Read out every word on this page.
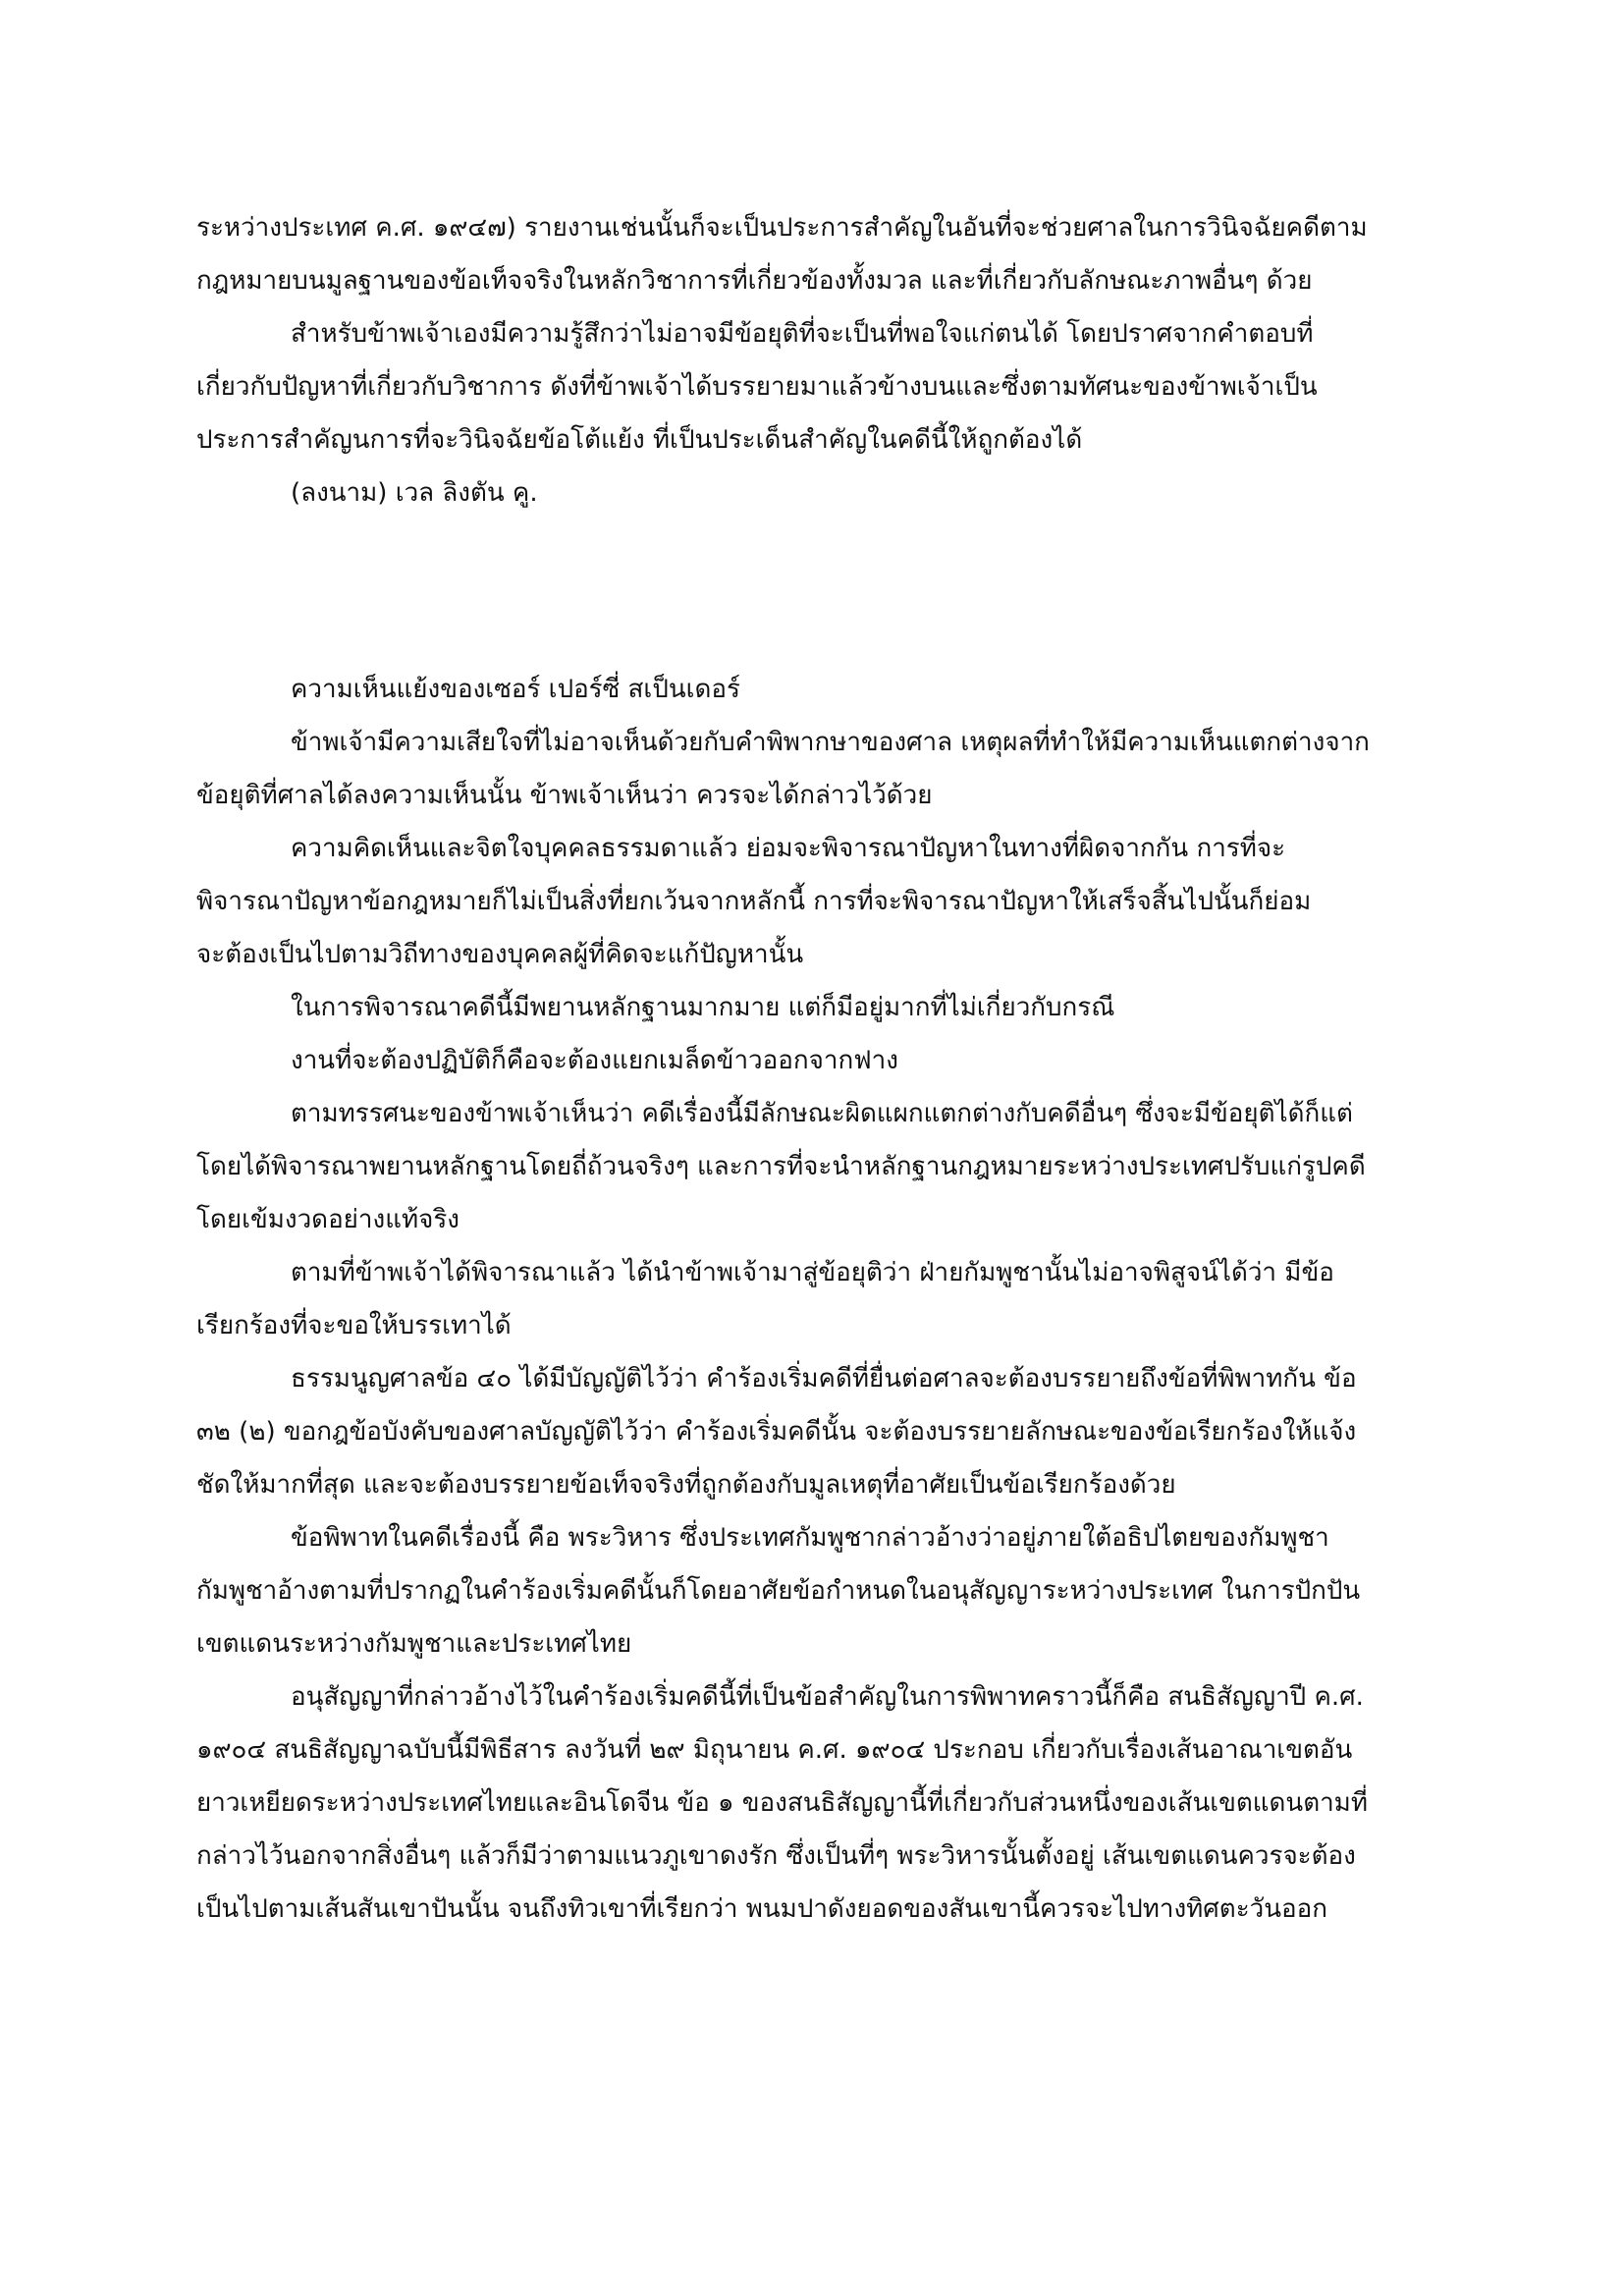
ระหว่างประเทศ ค.ศ. ๑๙๔๗) รายงานเช่นนั้นก็จะเป็นประการสำคัญในอันที่จะช่วยศาลในการวินิจฉัยคดีตาม
กฎหมายบนมูลฐานของข้อเท็จจริงในหลักวิชาการที่เกี่ยวข้องทั้งมวล และที่เกี่ยวกับลักษณะภาพอื่นๆ ด้วย
สำหรับข้าพเจ้าเองมีความรู้สึกว่าไม่อาจมีข้อยุติที่จะเป็นที่พอใจแก่ตนได้ โดยปราศจากคำตอบที่
เกี่ยวกับปัญหาที่เกี่ยวกับวิชาการ ดังที่ข้าพเจ้าได้บรรยายมาแล้วข้างบนและซึ่งตามทัศนะของข้าพเจ้าเป็น
ประการสำคัญนการที่จะวินิจฉัยข้อโต้แย้ง ที่เป็นประเด็นสำคัญในคดีนี้ให้ถูกต้องได้
(ลงนาม) เวล ลิงตัน คู.
ความเห็นแย้งของเซอร์ เปอร์ซี่ สเป็นเดอร์
ข้าพเจ้ามีความเสียใจที่ไม่อาจเห็นด้วยกับคำพิพากษาของศาล เหตุผลที่ทำให้มีความเห็นแตกต่างจาก
ข้อยุติที่ศาลได้ลงความเห็นนั้น ข้าพเจ้าเห็นว่า ควรจะได้กล่าวไว้ด้วย
ความคิดเห็นและจิตใจบุคคลธรรมดาแล้ว ย่อมจะพิจารณาปัญหาในทางที่ผิดจากกัน การที่จะ
พิจารณาปัญหาข้อกฎหมายก็ไม่เป็นสิ่งที่ยกเว้นจากหลักนี้ การที่จะพิจารณาปัญหาให้เสร็จสิ้นไปนั้นก็ย่อม
จะต้องเป็นไปตามวิถีทางของบุคคลผู้ที่คิดจะแก้ปัญหานั้น
ในการพิจารณาคดีนี้มีพยานหลักฐานมากมาย แต่ก็มีอยู่มากที่ไม่เกี่ยวกับกรณี
งานที่จะต้องปฏิบัติก็คือจะต้องแยกเมล็ดข้าวออกจากฟาง
ตามทรรศนะของข้าพเจ้าเห็นว่า คดีเรื่องนี้มีลักษณะผิดแผกแตกต่างกับคดีอื่นๆ ซึ่งจะมีข้อยุติได้ก็แต่
โดยได้พิจารณาพยานหลักฐานโดยถี่ถ้วนจริงๆ และการที่จะนำหลักฐานกฎหมายระหว่างประเทศปรับแก่รูปคดี
โดยเข้มงวดอย่างแท้จริง
ตามที่ข้าพเจ้าได้พิจารณาแล้ว ได้นำข้าพเจ้ามาสู่ข้อยุติว่า ฝ่ายกัมพูชานั้นไม่อาจพิสูจน์ได้ว่า มีข้อ
เรียกร้องที่จะขอให้บรรเทาได้
ธรรมนูญศาลข้อ ๔๐ ได้มีบัญญัติไว้ว่า คำร้องเริ่มคดีที่ยื่นต่อศาลจะต้องบรรยายถึงข้อที่พิพาทกัน ข้อ
๓๒ (๒) ขอกฎข้อบังคับของศาลบัญญัติไว้ว่า คำร้องเริ่มคดีนั้น จะต้องบรรยายลักษณะของข้อเรียกร้องให้แจ้ง
ชัดให้มากที่สุด และจะต้องบรรยายข้อเท็จจริงที่ถูกต้องกับมูลเหตุที่อาศัยเป็นข้อเรียกร้องด้วย
ข้อพิพาทในคดีเรื่องนี้ คือ พระวิหาร ซึ่งประเทศกัมพูชากล่าวอ้างว่าอยู่ภายใต้อธิปไตยของกัมพูชา
กัมพูชาอ้างตามที่ปรากฏในคำร้องเริ่มคดีนั้นก็โดยอาศัยข้อกำหนดในอนุสัญญาระหว่างประเทศ ในการปักปัน
เขตแดนระหว่างกัมพูชาและประเทศไทย
อนุสัญญาที่กล่าวอ้างไว้ในคำร้องเริ่มคดีนี้ที่เป็นข้อสำคัญในการพิพาทคราวนี้ก็คือ สนธิสัญญาปี ค.ศ.
๑๙๐๔ สนธิสัญญาฉบับนี้มีพิธีสาร ลงวันที่ ๒๙ มิถุนายน ค.ศ. ๑๙๐๔ ประกอบ เกี่ยวกับเรื่องเส้นอาณาเขตอัน
ยาวเหยียดระหว่างประเทศไทยและอินโดจีน ข้อ ๑ ของสนธิสัญญานี้ที่เกี่ยวกับส่วนหนึ่งของเส้นเขตแดนตามที่
กล่าวไว้นอกจากสิ่งอื่นๆ แล้วก็มีว่าตามแนวภูเขาดงรัก ซึ่งเป็นที่ๆ พระวิหารนั้นตั้งอยู่ เส้นเขตแดนควรจะต้อง
เป็นไปตามเส้นสันเขาปันนั้น จนถึงทิวเขาที่เรียกว่า พนมปาดังยอดของสันเขานี้ควรจะไปทางทิศตะวันออก
